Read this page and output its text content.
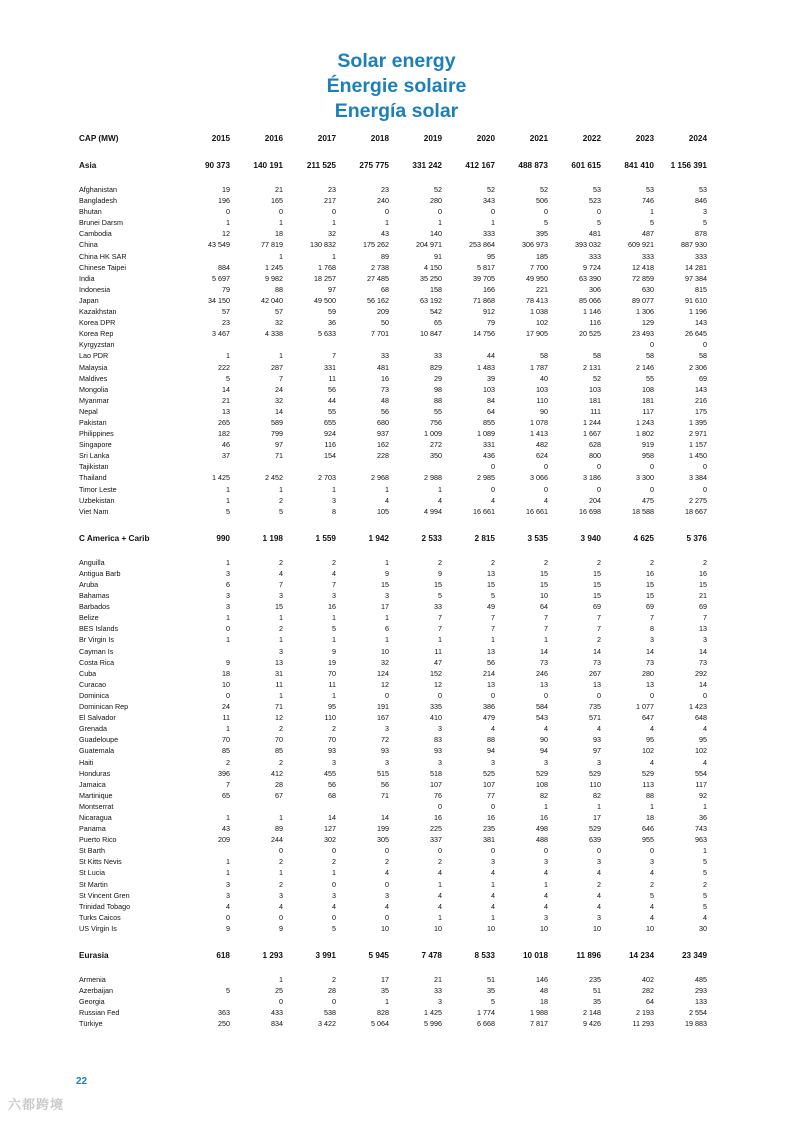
Solar energy
Énergie solaire
Energía solar
CAP (MW)	2015	2016	2017	2018	2019	2020	2021	2022	2023	2024

Asia	90 373	140 191	211 525	275 775	331 242	412 167	488 873	601 615	841 410	1 156 391

Afghanistan	19	21	23	23	52	52	52	53	53	53
Bangladesh	196	165	217	240	280	343	506	523	746	846
Bhutan	0	0	0	0	0	0	0	0	1	3
Brunei Darsm	1	1	1	1	1	1	5	5	5	5
Cambodia	12	18	32	43	140	333	395	481	487	878
China	43 549	77 819	130 832	175 262	204 971	253 864	306 973	393 032	609 921	887 930
China HK SAR		1	1	89	91	95	185	333	333	333
Chinese Taipei	884	1 245	1 768	2 738	4 150	5 817	7 700	9 724	12 418	14 281
India	5 697	9 982	18 257	27 485	35 250	39 705	49 950	63 390	72 859	97 384
Indonesia	79	88	97	68	158	166	221	306	630	815
Japan	34 150	42 040	49 500	56 162	63 192	71 868	78 413	85 066	89 077	91 610
Kazakhstan	57	57	59	209	542	912	1 038	1 146	1 306	1 196
Korea DPR	23	32	36	50	65	79	102	116	129	143
Korea Rep	3 467	4 338	5 633	7 701	10 847	14 756	17 905	20 525	23 493	26 645
Kyrgyzstan									0	0
Lao PDR	1	1	7	33	33	44	58	58	58	58
Malaysia	222	287	331	481	829	1 483	1 787	2 131	2 146	2 306
Maldives	5	7	11	16	29	39	40	52	55	69
Mongolia	14	24	56	73	98	103	103	103	108	143
Myanmar	21	32	44	48	88	84	110	181	181	216
Nepal	13	14	55	56	55	64	90	111	117	175
Pakistan	265	589	655	680	756	855	1 078	1 244	1 243	1 395
Philippines	182	799	924	937	1 009	1 089	1 413	1 667	1 802	2 971
Singapore	46	97	116	162	272	331	482	628	919	1 157
Sri Lanka	37	71	154	228	350	436	624	800	958	1 450
Tajikistan						0	0	0	0	0
Thailand	1 425	2 452	2 703	2 968	2 988	2 985	3 066	3 186	3 300	3 384
Timor Leste	1	1	1	1	1	0	0	0	0	0
Uzbekistan	1	2	3	4	4	4	4	204	475	2 275
Viet Nam	5	5	8	105	4 994	16 661	16 661	16 698	18 588	18 667

C America + Carib	990	1 198	1 559	1 942	2 533	2 815	3 535	3 940	4 625	5 376

Anguilla	1	2	2	1	2	2	2	2	2	2
Antigua Barb	3	4	4	9	9	13	15	15	16	16
Aruba	6	7	7	15	15	15	15	15	15	15
Bahamas	3	3	3	3	5	5	10	15	15	21
Barbados	3	15	16	17	33	49	64	69	69	69
Belize	1	1	1	1	7	7	7	7	7	7
BES Islands	0	2	5	6	7	7	7	7	8	13
Br Virgin Is	1	1	1	1	1	1	1	2	3	3
Cayman Is		3	9	10	11	13	14	14	14	14
Costa Rica	9	13	19	32	47	56	73	73	73	73
Cuba	18	31	70	124	152	214	246	267	280	292
Curacao	10	11	11	12	12	13	13	13	13	14
Dominica	0	1	1	0	0	0	0	0	0	0
Dominican Rep	24	71	95	191	335	386	584	735	1 077	1 423
El Salvador	11	12	110	167	410	479	543	571	647	648
Grenada	1	2	2	3	3	4	4	4	4	4
Guadeloupe	70	70	70	72	83	88	90	93	95	95
Guatemala	85	85	93	93	93	94	94	97	102	102
Haiti	2	2	3	3	3	3	3	3	4	4
Honduras	396	412	455	515	518	525	529	529	529	554
Jamaica	7	28	56	56	107	107	108	110	113	117
Martinique	65	67	68	71	76	77	82	82	88	92
Montserrat					0	0	1	1	1	1
Nicaragua	1	1	14	14	16	16	16	17	18	36
Panama	43	89	127	199	225	235	498	529	646	743
Puerto Rico	209	244	302	305	337	381	488	639	955	963
St Barth		0	0	0	0	0	0	0	0	1
St Kitts Nevis	1	2	2	2	2	3	3	3	3	5
St Lucia	1	1	1	4	4	4	4	4	4	5
St Martin	3	2	0	0	1	1	1	2	2	2
St Vincent Gren	3	3	3	3	4	4	4	4	5	5
Trinidad Tobago	4	4	4	4	4	4	4	4	4	5
Turks Caicos	0	0	0	0	1	1	3	3	4	4
US Virgin Is	9	9	5	10	10	10	10	10	10	30

Eurasia	618	1 293	3 991	5 945	7 478	8 533	10 018	11 896	14 234	23 349

Armenia		1	2	17	21	51	146	235	402	485
Azerbaijan	5	25	28	35	33	35	48	51	282	293
Georgia		0	0	1	3	5	18	35	64	133
Russian Fed	363	433	538	828	1 425	1 774	1 988	2 148	2 193	2 554
Türkiye	250	834	3 422	5 064	5 996	6 668	7 817	9 426	11 293	19 883
22
六都跨境
